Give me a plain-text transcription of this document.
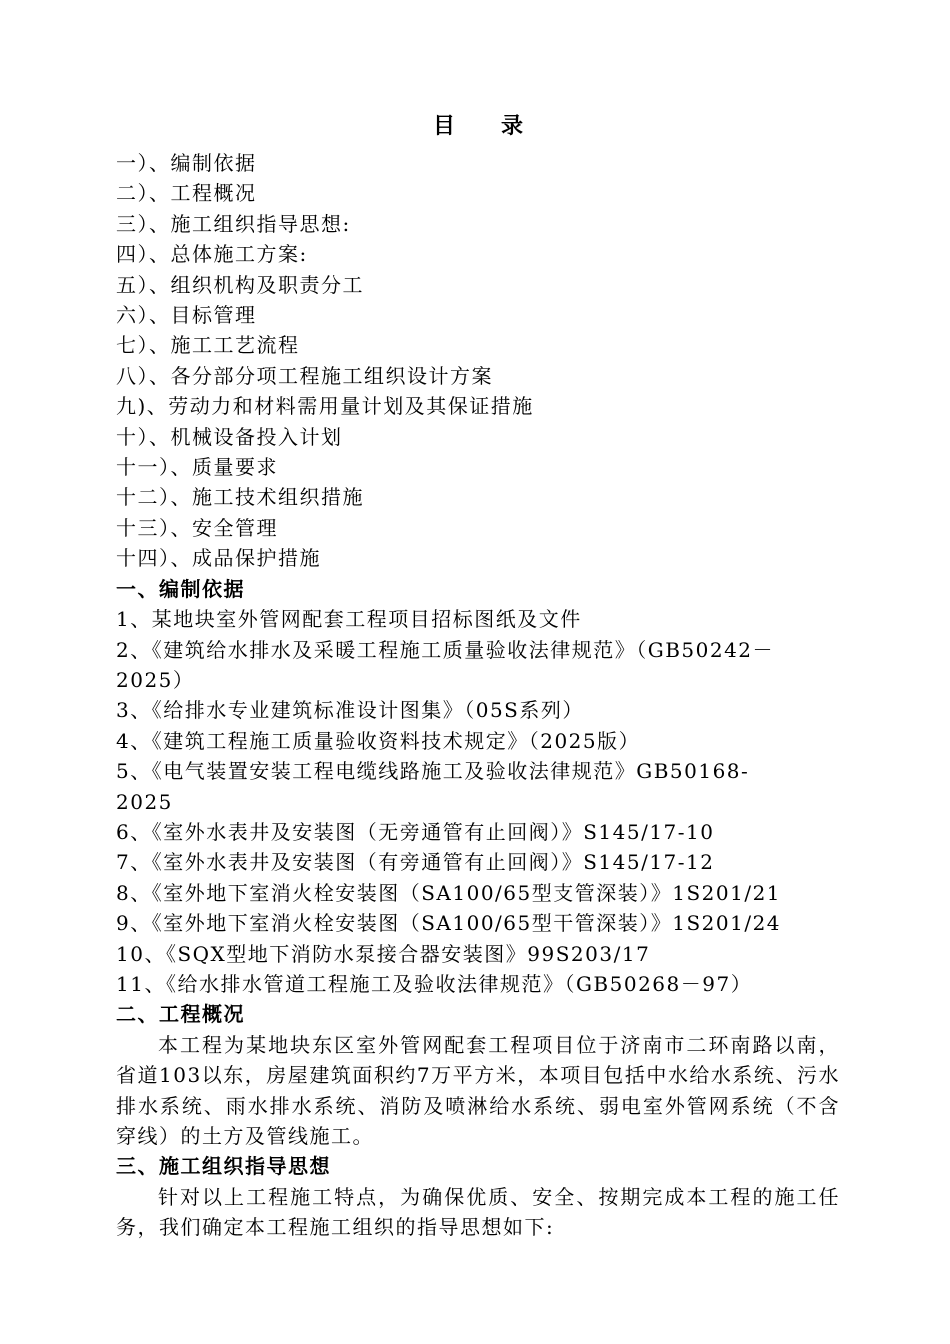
目 录
一）、编制依据
二）、工程概况
三）、施工组织指导思想:
四）、总体施工方案:
五）、组织机构及职责分工
六）、目标管理
七）、施工工艺流程
八）、各分部分项工程施工组织设计方案
九)、劳动力和材料需用量计划及其保证措施
十）、机械设备投入计划
十一）、质量要求
十二）、施工技术组织措施
十三）、安全管理
十四）、成品保护措施
一、编制依据
1、某地块室外管网配套工程项目招标图纸及文件
2、《建筑给水排水及采暖工程施工质量验收法律规范》（GB50242－
2025）
3、《给排水专业建筑标准设计图集》（05S系列）
4、《建筑工程施工质量验收资料技术规定》（2025版）
5、《电气装置安装工程电缆线路施工及验收法律规范》GB50168-
2025
6、《室外水表井及安装图（无旁通管有止回阀）》S145/17-10
7、《室外水表井及安装图（有旁通管有止回阀）》S145/17-12
8、《室外地下室消火栓安装图（SA100/65型支管深装）》1S201/21
9、《室外地下室消火栓安装图（SA100/65型干管深装）》1S201/24
10、《SQX型地下消防水泵接合器安装图》99S203/17
11、《给水排水管道工程施工及验收法律规范》（GB50268－97）
二、工程概况

本工程为某地块东区室外管网配套工程项目位于济南市二环南路以南，省道103以东，房屋建筑面积约7万平方米，本项目包括中水给水系统、污水排水系统、雨水排水系统、消防及喷淋给水系统、弱电室外管网系统（不含穿线）的土方及管线施工。

三、施工组织指导思想

针对以上工程施工特点，为确保优质、安全、按期完成本工程的施工任务，我们确定本工程施工组织的指导思想如下:
